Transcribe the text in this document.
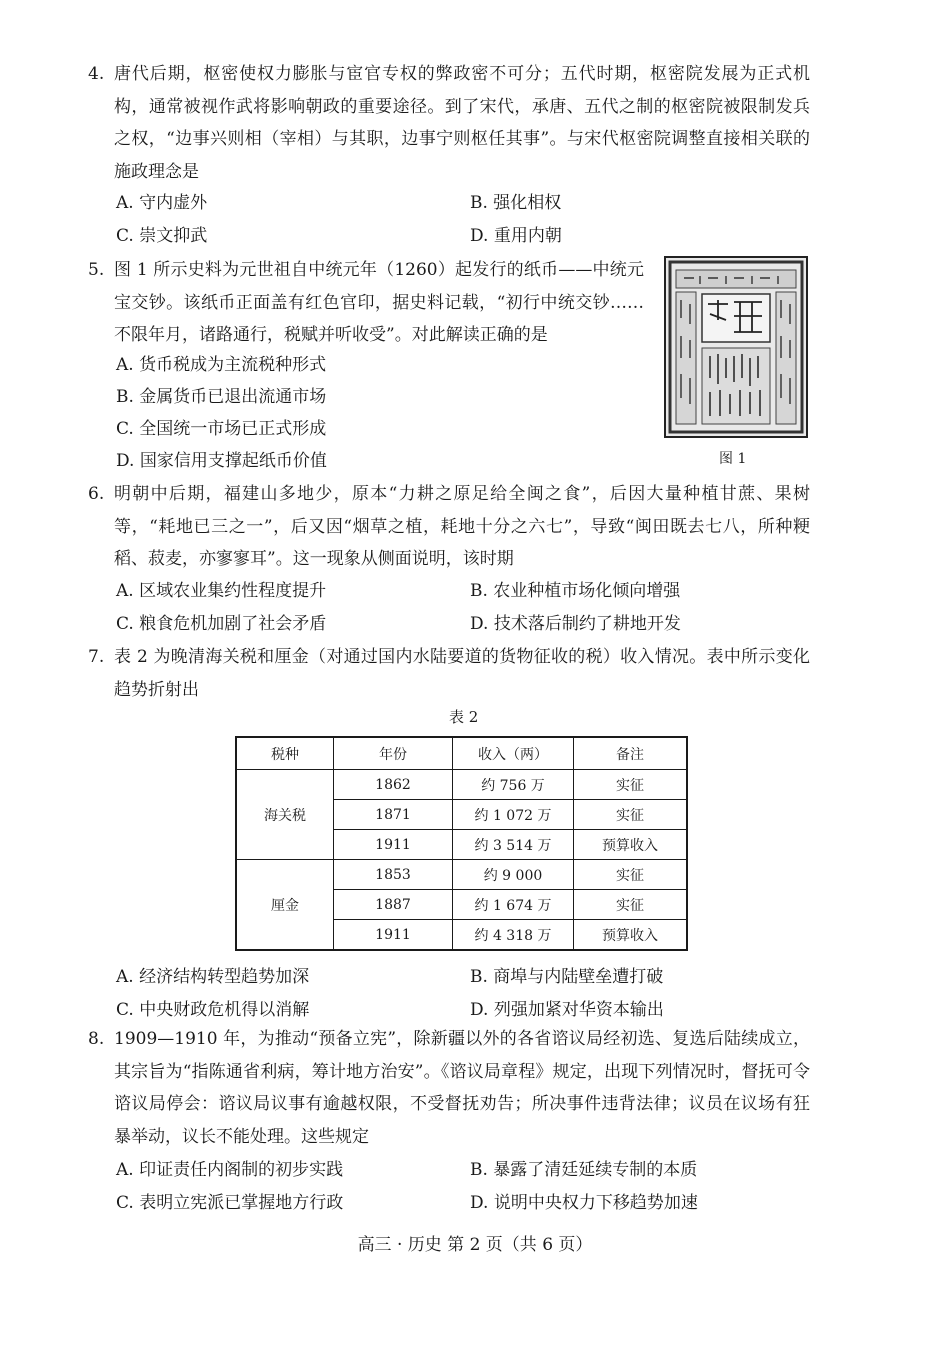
4. 唐代后期，枢密使权力膨胀与宦官专权的弊政密不可分；五代时期，枢密院发展为正式机构，通常被视作武将影响朝政的重要途径。到了宋代，承唐、五代之制的枢密院被限制发兵之权，“边事兴则相（宰相）与其职，边事宁则枢任其事”。与宋代枢密院调整直接相关联的施政理念是
A. 守内虚外	B. 强化相权
C. 崇文抑武	D. 重用内朝
5. 图 1 所示史料为元世祖自中统元年（1260）起发行的纸币——中统元宝交钞。该纸币正面盖有红色官印，据史料记载，“初行中统交钞……不限年月，诸路通行，税赋并听收受”。对此解读正确的是
A. 货币税成为主流税种形式
B. 金属货币已退出流通市场
C. 全国统一市场已正式形成
D. 国家信用支撑起纸币价值	图 1
6. 明朝中后期，福建山多地少，原本“力耕之原足给全闽之食”，后因大量种植甘蔗、果树等，“耗地已三之一”，后又因“烟草之植，耗地十分之六七”，导致“闽田既去七八，所种粳稻、菽麦，亦寥寥耳”。这一现象从侧面说明，该时期
A. 区域农业集约性程度提升	B. 农业种植市场化倾向增强
C. 粮食危机加剧了社会矛盾	D. 技术落后制约了耕地开发
7. 表 2 为晚清海关税和厘金（对通过国内水陆要道的货物征收的税）收入情况。表中所示变化趋势折射出
表 2
税种	年份	收入（两）	备注
海关税	1862	约 756 万	实征
	1871	约 1 072 万	实征
	1911	约 3 514 万	预算收入
厘金	1853	约 9 000	实征
	1887	约 1 674 万	实征
	1911	约 4 318 万	预算收入
A. 经济结构转型趋势加深	B. 商埠与内陆壁垒遭打破
C. 中央财政危机得以消解	D. 列强加紧对华资本输出
8. 1909—1910 年，为推动“预备立宪”，除新疆以外的各省谘议局经初选、复选后陆续成立，其宗旨为“指陈通省利病，筹计地方治安”。《谘议局章程》规定，出现下列情况时，督抚可令谘议局停会：谘议局议事有逾越权限，不受督抚劝告；所决事件违背法律；议员在议场有狂暴举动，议长不能处理。这些规定
A. 印证责任内阁制的初步实践	B. 暴露了清廷延续专制的本质
C. 表明立宪派已掌握地方行政	D. 说明中央权力下移趋势加速
高三 · 历史 第 2 页（共 6 页）
